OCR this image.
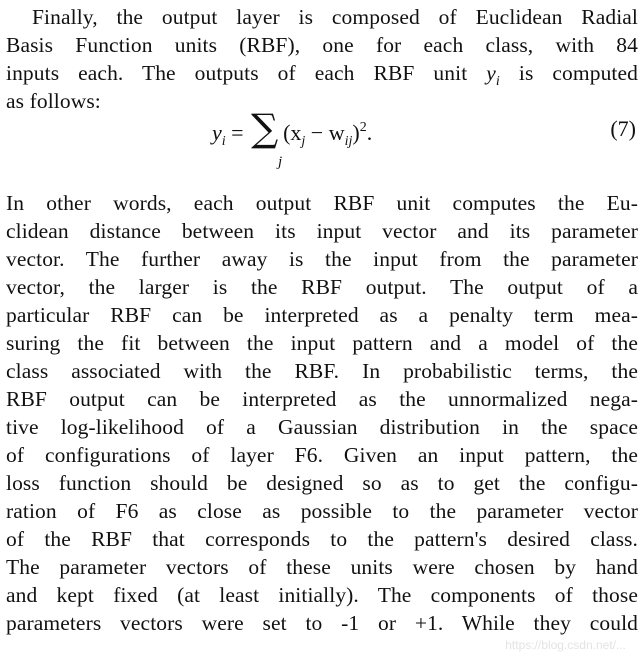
Finally, the output layer is composed of Euclidean Radial
Basis Function units (RBF), one for each class, with 84
inputs each. The outputs of each RBF unit $y_i$ is computed
as follows:
$y_i$ = ∑ $(x_j - w_{ij})^2$.
j
(7)
In other words, each output RBF unit computes the Eu-
clidean distance between its input vector and its parameter
vector. The further away is the input from the parameter
vector, the larger is the RBF output. The output of a
particular RBF can be interpreted as a penalty term mea-
suring the fit between the input pattern and a model of the
class associated with the RBF. In probabilistic terms, the
RBF output can be interpreted as the unnormalized nega-
tive log-likelihood of a Gaussian distribution in the space
of configurations of layer F6. Given an input pattern, the
loss function should be designed so as to get the configu-
ration of F6 as close as possible to the parameter vector
of the RBF that corresponds to the pattern's desired class.
The parameter vectors of these units were chosen by hand
and kept fixed (at least initially). The components of those
parameters vectors were set to -1 or +1. While they could
https://blog.csdn.net/...
